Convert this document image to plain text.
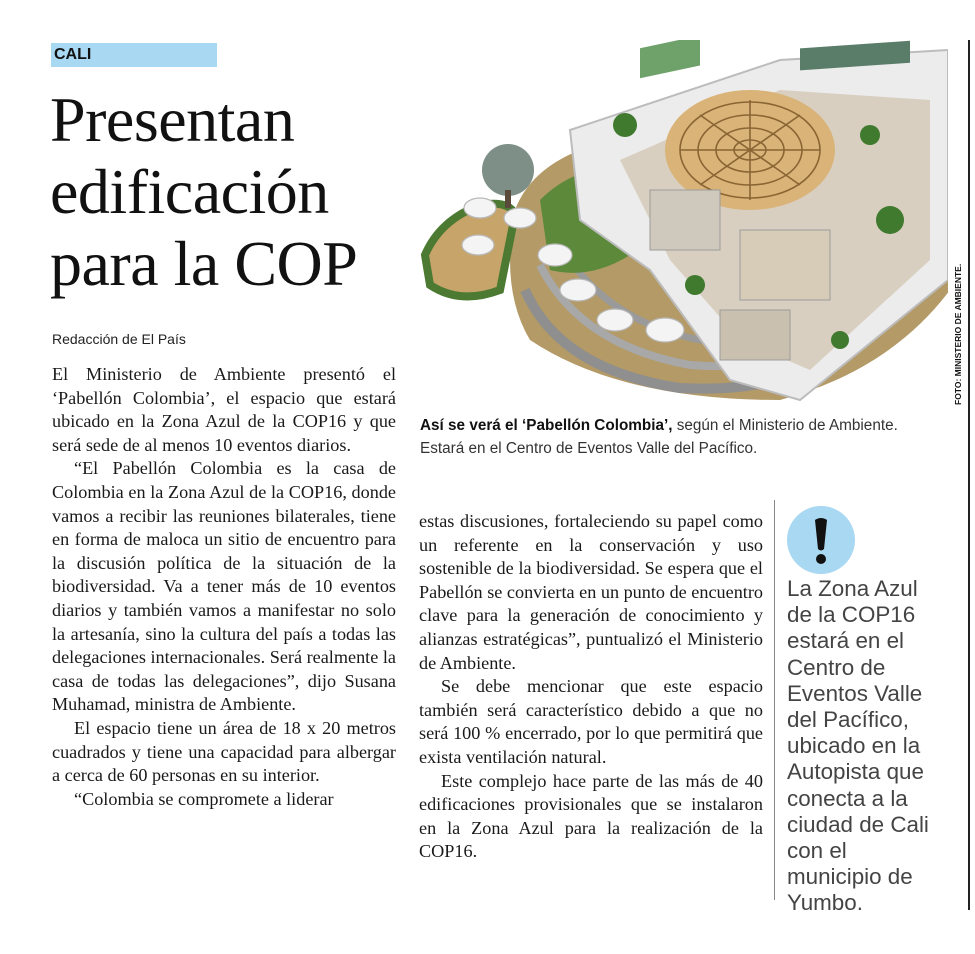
CALI
Presentan
edificación
para la COP
Redacción de El País	FOTO: MINISTERIO DE AMBIENTE.
Así se verá el ‘Pabellón Colombia’, según el Ministerio de Ambiente. Estará en el Centro de Eventos Valle del Pacífico.

El Ministerio de Ambiente presentó el ‘Pabellón Colombia’, el espacio que estará ubicado en la Zona Azul de la COP16 y que será sede de al menos 10 eventos diarios.

“El Pabellón Colombia es la casa de Colombia en la Zona Azul de la COP16, donde vamos a recibir las reuniones bilaterales, tiene en forma de maloca un sitio de encuentro para la discusión política de la situación de la biodiversidad. Va a tener más de 10 eventos diarios y también vamos a manifestar no solo la artesanía, sino la cultura del país a todas las delegaciones internacionales. Será realmente la casa de todas las delegaciones”, dijo Susana Muhamad, ministra de Ambiente.

El espacio tiene un área de 18 x 20 metros cuadrados y tiene una capacidad para albergar a cerca de 60 personas en su interior.

“Colombia se compromete a liderar

estas discusiones, fortaleciendo su papel como un referente en la conservación y uso sostenible de la biodiversidad. Se espera que el Pabellón se convierta en un punto de encuentro clave para la generación de conocimiento y alianzas estratégicas”, puntualizó el Ministerio de Ambiente.

Se debe mencionar que este espacio también será característico debido a que no será 100 % encerrado, por lo que permitirá que exista ventilación natural.

Este complejo hace parte de las más de 40 edificaciones provisionales que se instalaron en la Zona Azul para la realización de la COP16.

La Zona Azul de la COP16 estará en el Centro de Eventos Valle del Pacífico, ubicado en la Autopista que conecta a la ciudad de Cali con el municipio de Yumbo.
